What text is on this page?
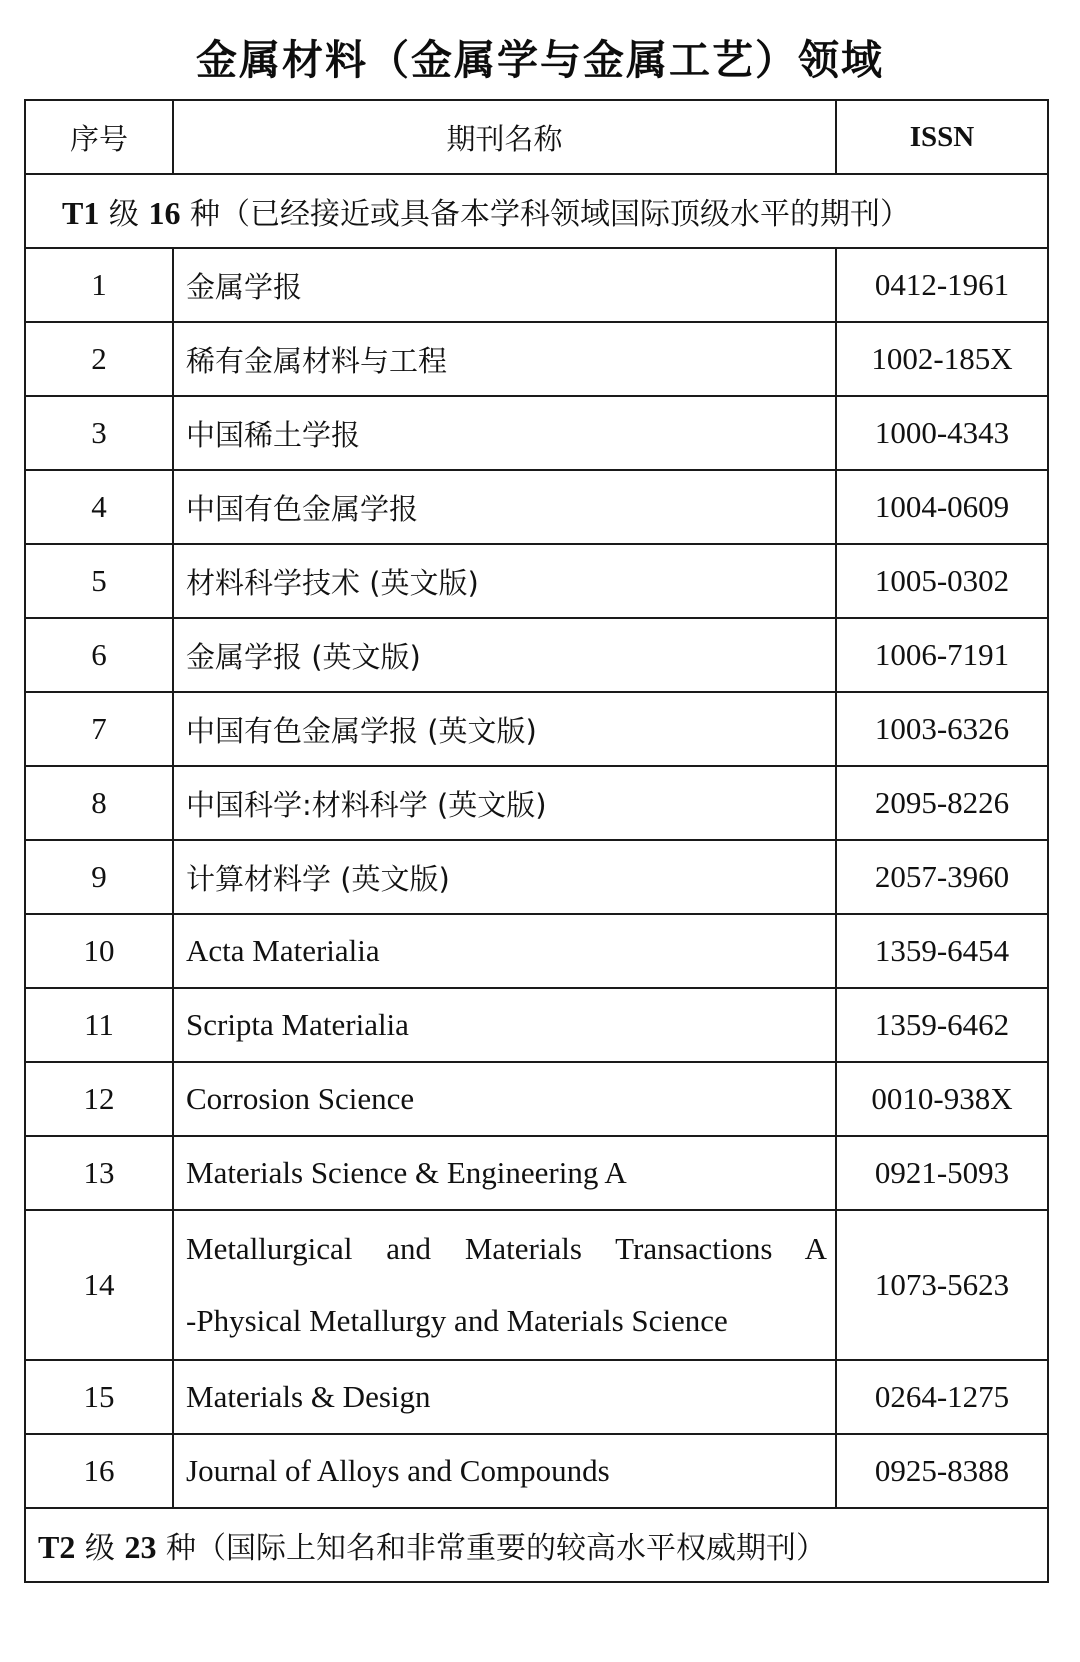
金属材料（金属学与金属工艺）领域
序号	期刊名称	ISSN
T1 级 16 种（已经接近或具备本学科领域国际顶级水平的期刊）		
1	金属学报	0412-1961
2	稀有金属材料与工程	1002-185X
3	中国稀土学报	1000-4343
4	中国有色金属学报	1004-0609
5	材料科学技术 (英文版)	1005-0302
6	金属学报 (英文版)	1006-7191
7	中国有色金属学报 (英文版)	1003-6326
8	中国科学:材料科学 (英文版)	2095-8226
9	计算材料学 (英文版)	2057-3960
10	Acta Materialia	1359-6454
11	Scripta Materialia	1359-6462
12	Corrosion Science	0010-938X
13	Materials Science & Engineering A	0921-5093
14	Metallurgical and Materials Transactions A
-Physical Metallurgy and Materials Science	1073-5623
15	Materials & Design	0264-1275
16	Journal of Alloys and Compounds	0925-8388
T2 级 23 种（国际上知名和非常重要的较高水平权威期刊）		
